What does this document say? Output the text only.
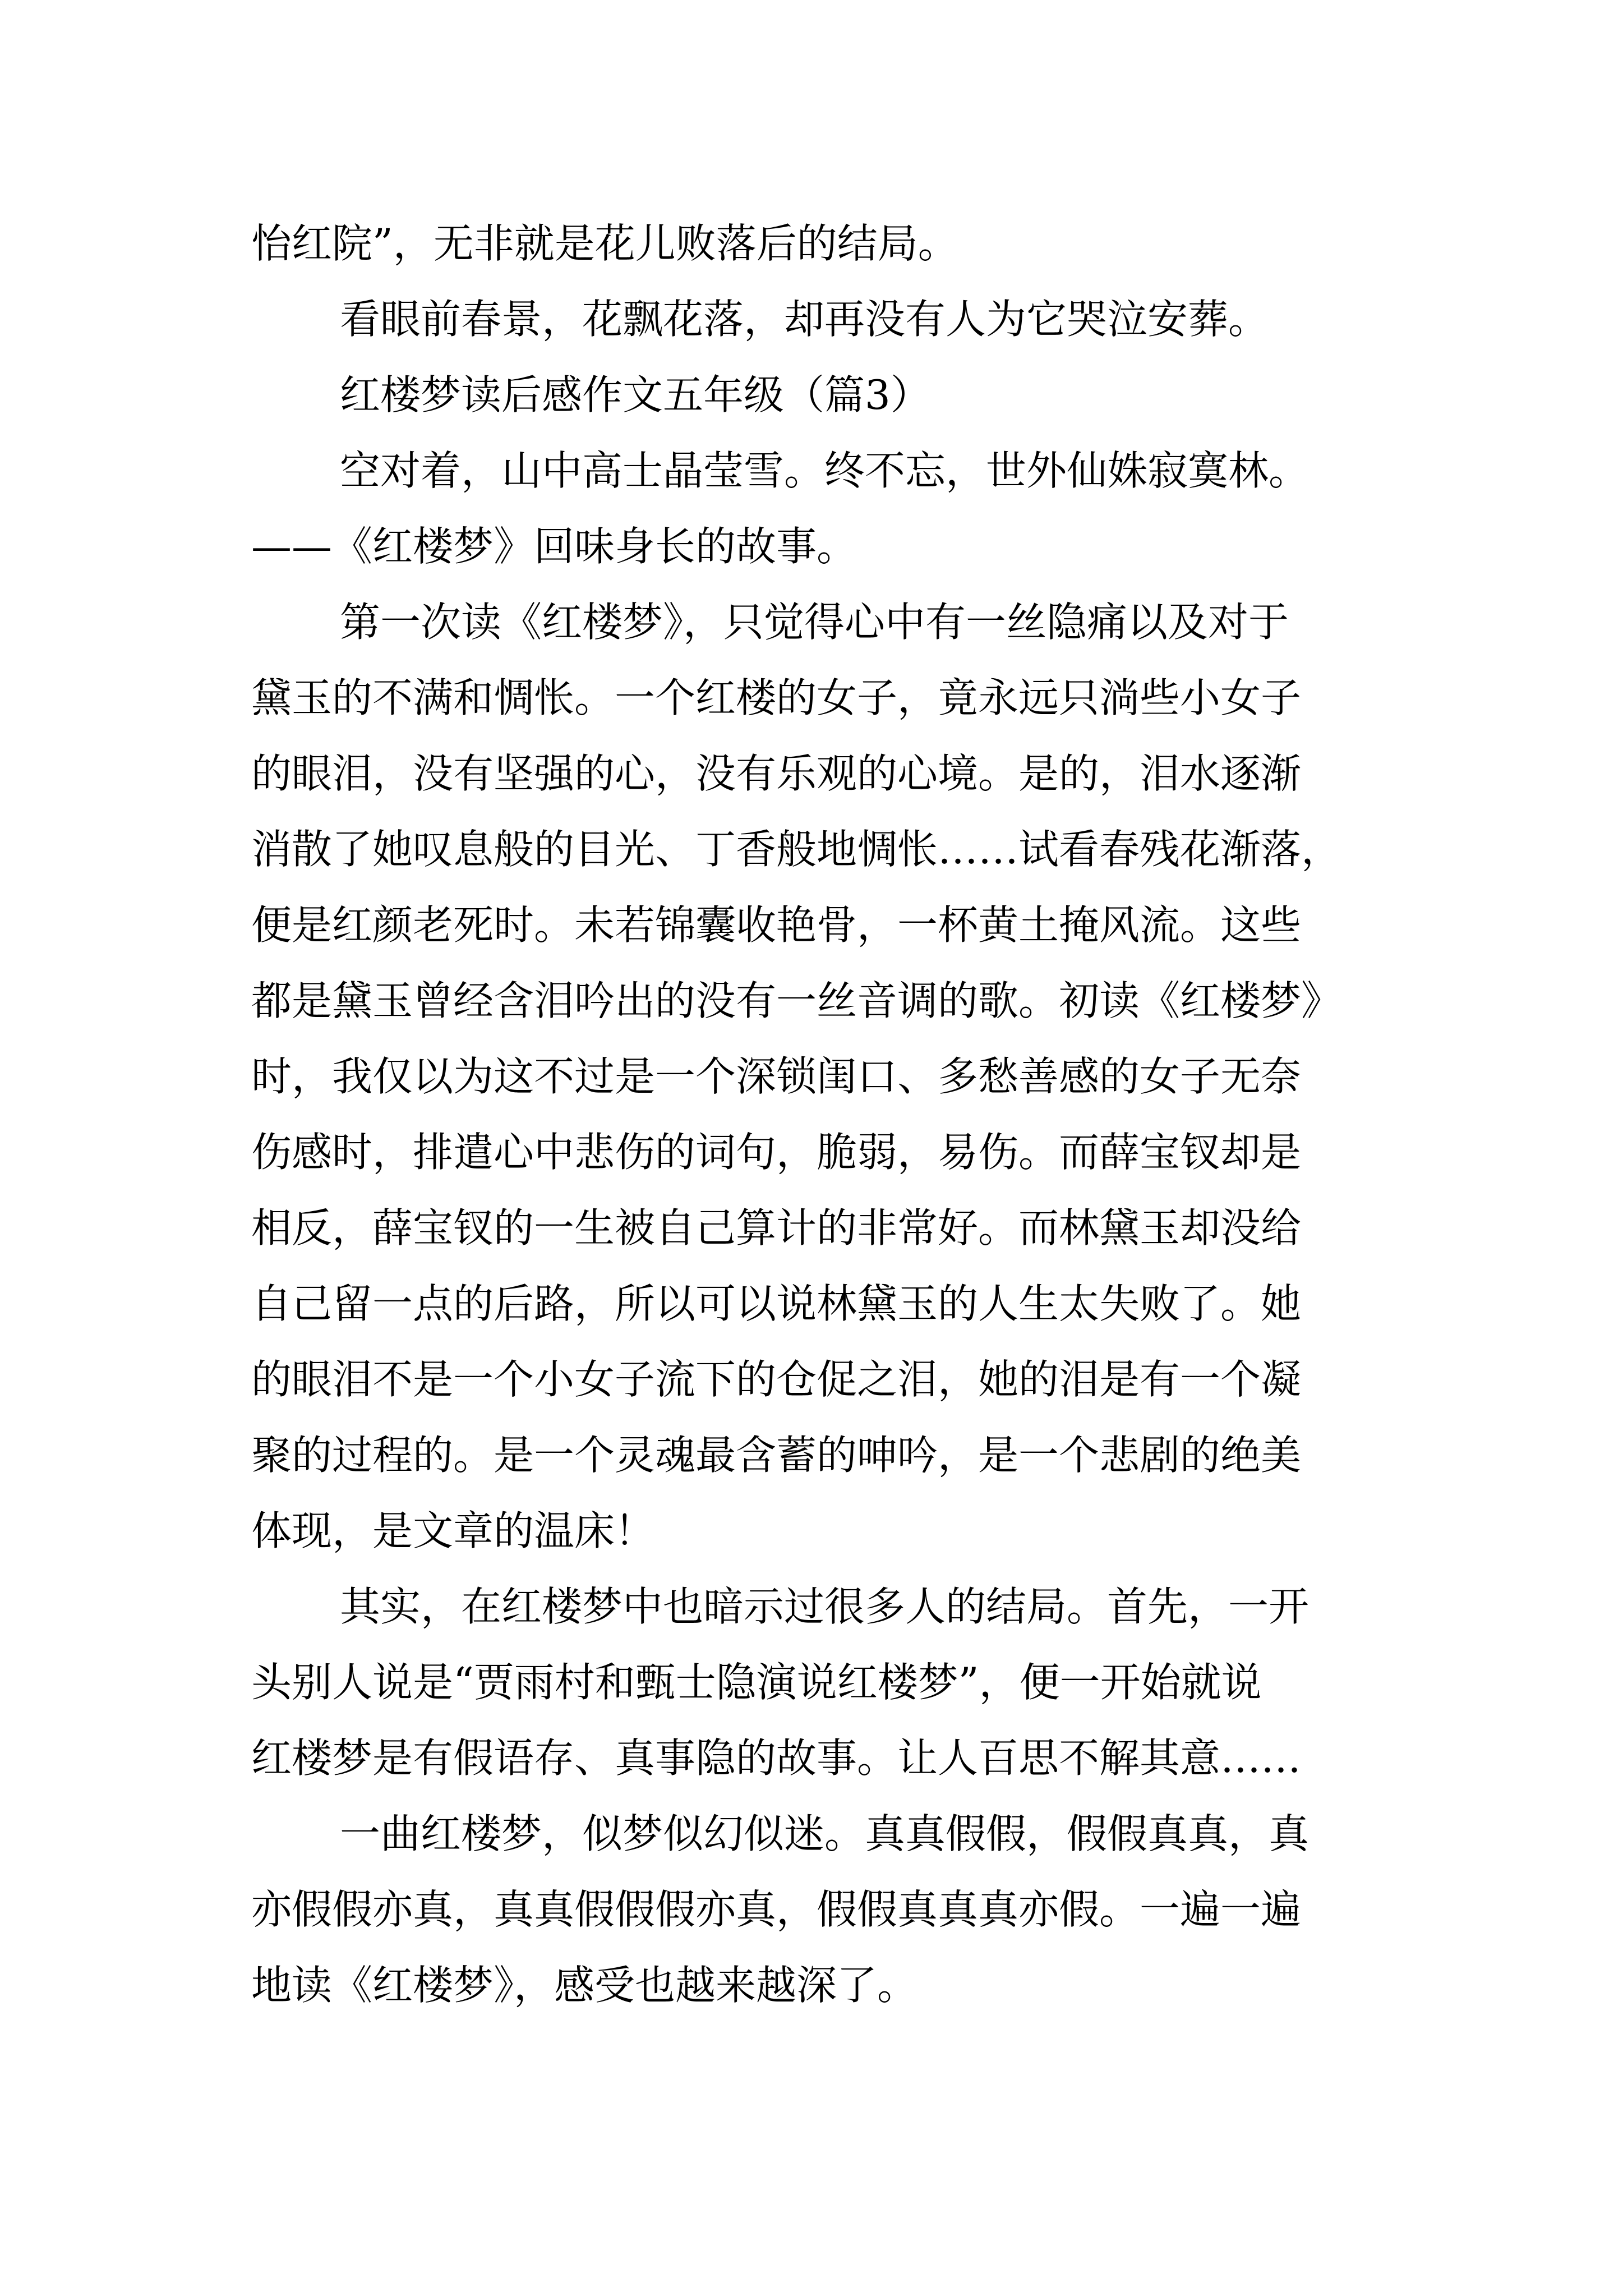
怡红院”，无非就是花儿败落后的结局。
看眼前春景，花飘花落，却再没有人为它哭泣安葬。
红楼梦读后感作文五年级（篇3）
空对着，山中高士晶莹雪。终不忘，世外仙姝寂寞林。
——《红楼梦》回味身长的故事。
第一次读《红楼梦》，只觉得心中有一丝隐痛以及对于
黛玉的不满和惆怅。一个红楼的女子，竟永远只淌些小女子
的眼泪，没有坚强的心，没有乐观的心境。是的，泪水逐渐
消散了她叹息般的目光、丁香般地惆怅……试看春残花渐落，
便是红颜老死时。未若锦囊收艳骨，一杯黄土掩风流。这些
都是黛玉曾经含泪吟出的没有一丝音调的歌。初读《红楼梦》
时，我仅以为这不过是一个深锁闺口、多愁善感的女子无奈
伤感时，排遣心中悲伤的词句，脆弱，易伤。而薛宝钗却是
相反，薛宝钗的一生被自己算计的非常好。而林黛玉却没给
自己留一点的后路，所以可以说林黛玉的人生太失败了。她
的眼泪不是一个小女子流下的仓促之泪，她的泪是有一个凝
聚的过程的。是一个灵魂最含蓄的呻吟，是一个悲剧的绝美
体现，是文章的温床！
其实，在红楼梦中也暗示过很多人的结局。首先，一开
头别人说是“贾雨村和甄士隐演说红楼梦”，便一开始就说
红楼梦是有假语存、真事隐的故事。让人百思不解其意……
一曲红楼梦，似梦似幻似迷。真真假假，假假真真，真
亦假假亦真，真真假假假亦真，假假真真真亦假。一遍一遍
地读《红楼梦》，感受也越来越深了。
